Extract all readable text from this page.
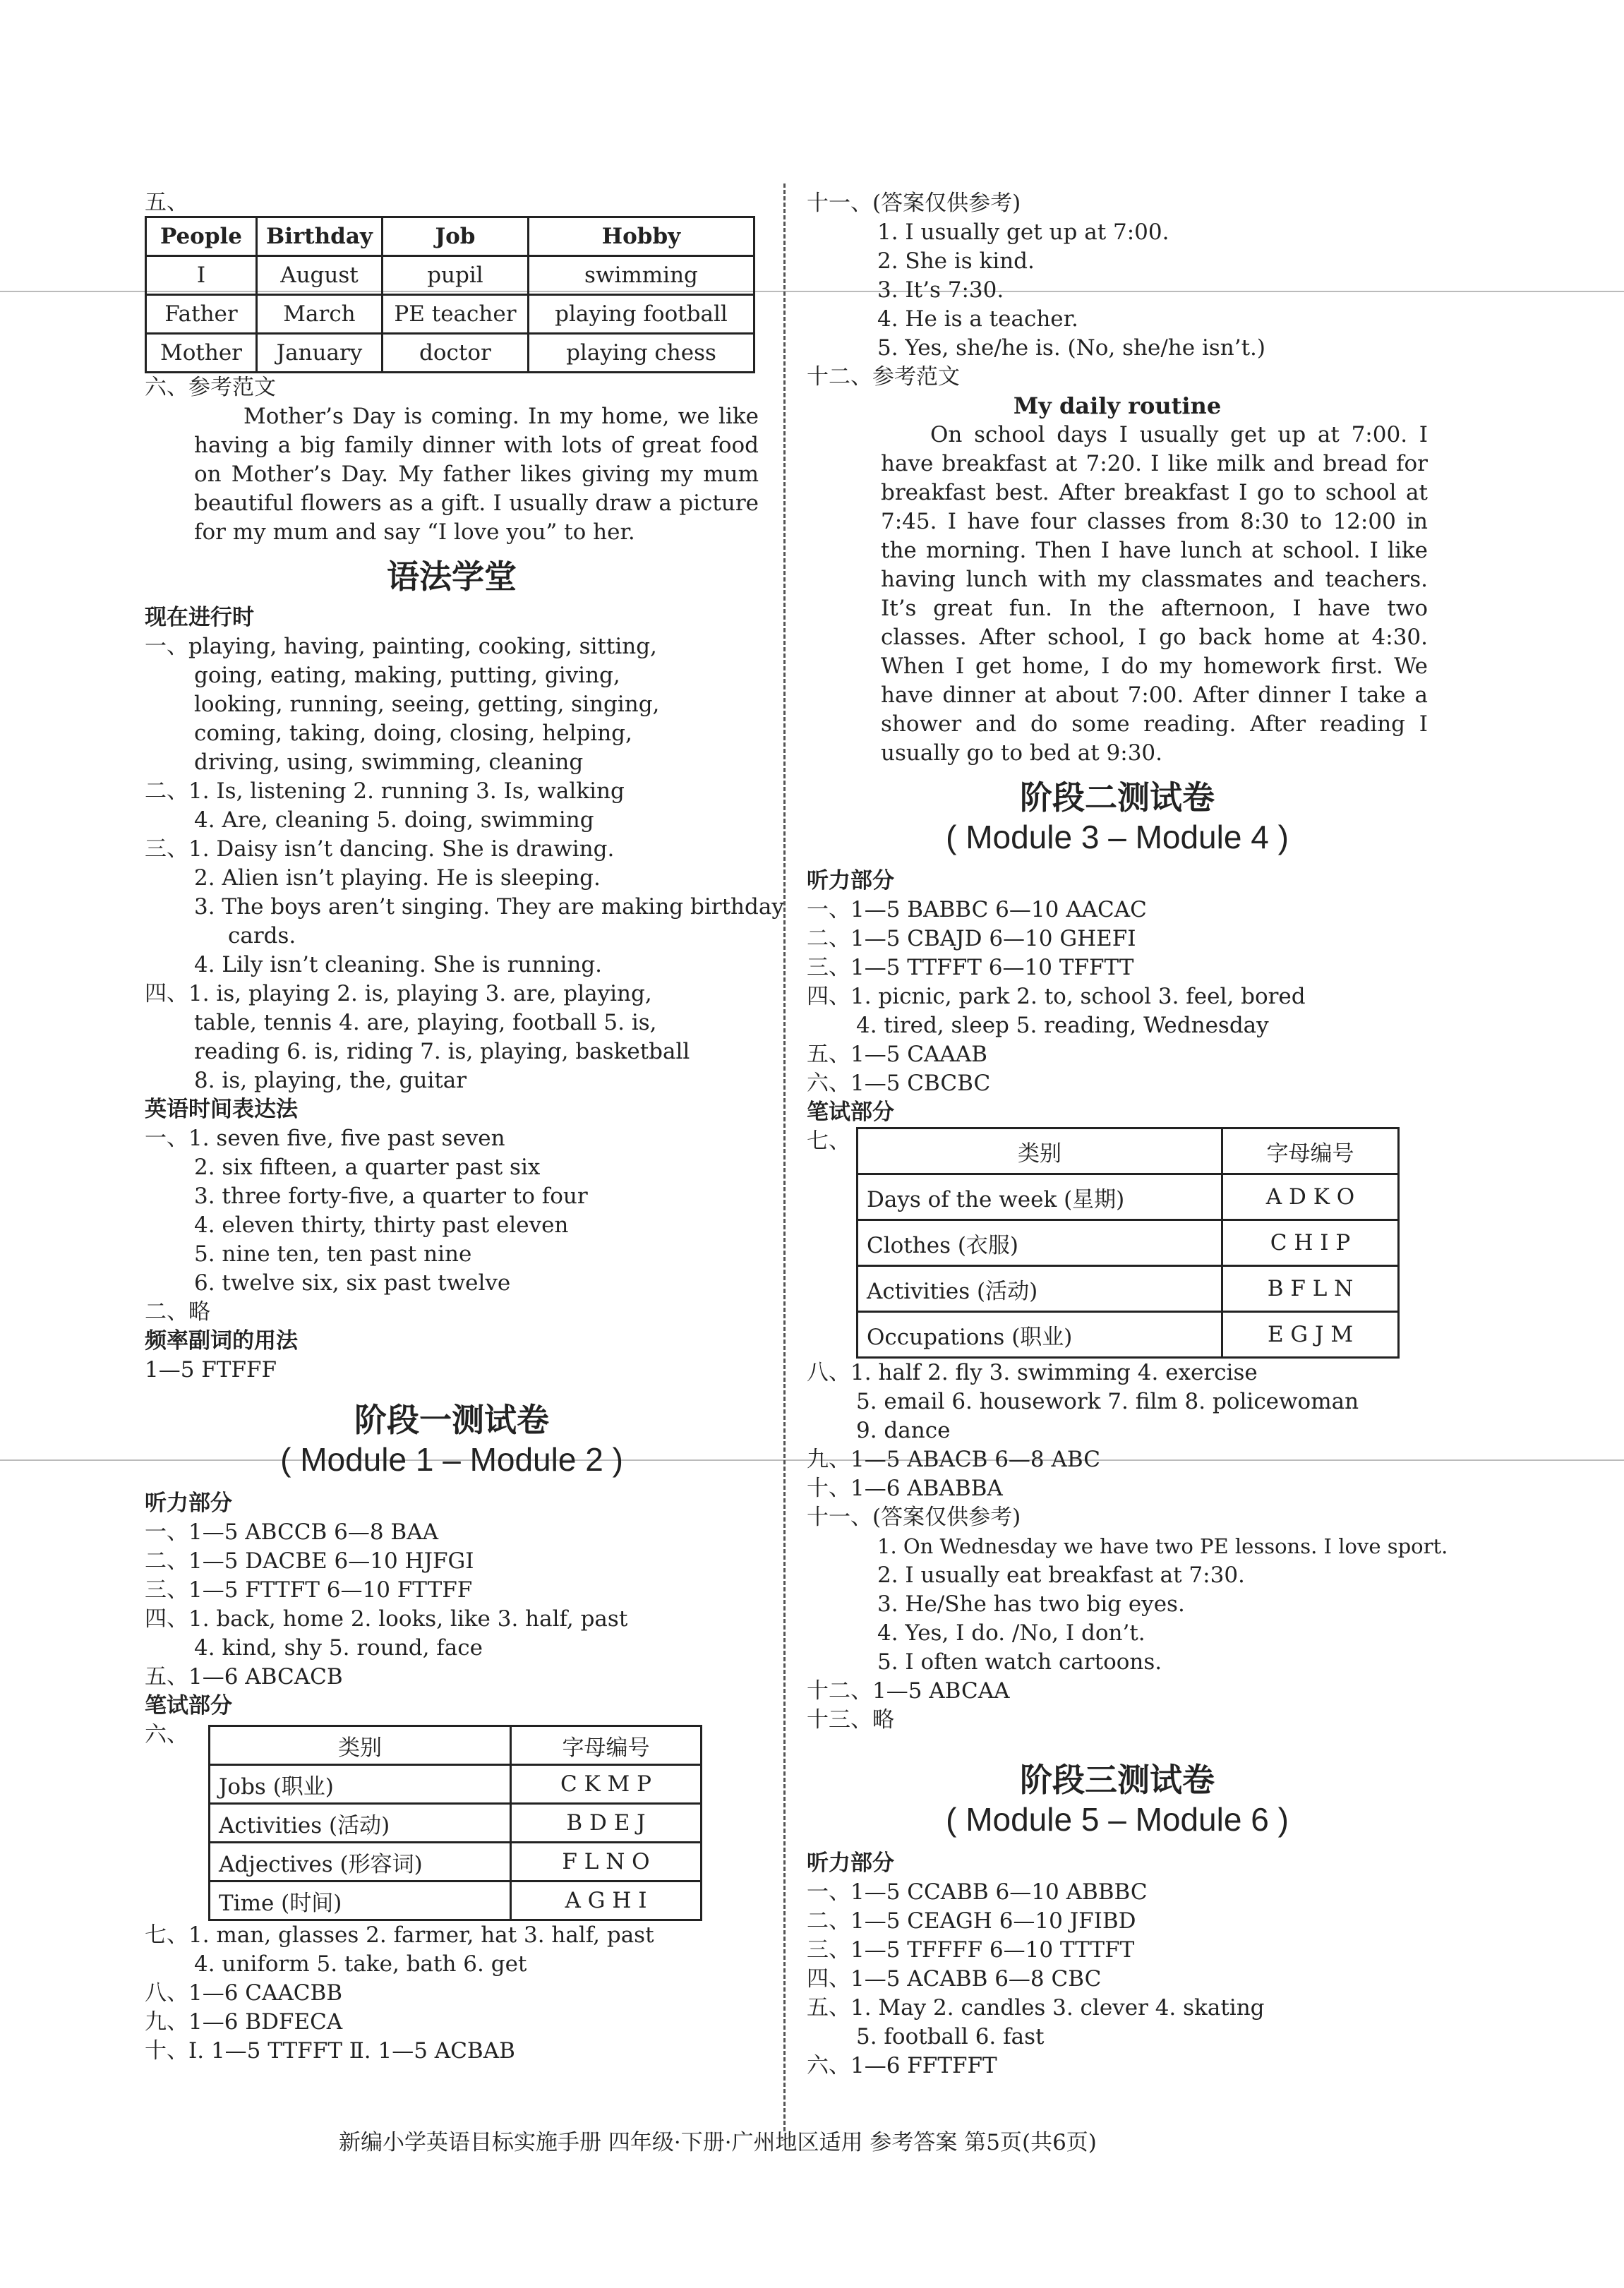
五、
People	Birthday	Job	Hobby
I	August	pupil	swimming
Father	March	PE teacher	playing football
Mother	January	doctor	playing chess
六、参考范文
Mother’s Day is coming. In my home, we like having a big family dinner with lots of great food on Mother’s Day. My father likes giving my mum beautiful flowers as a gift. I usually draw a picture for my mum and say “I love you” to her.
语法学堂
现在进行时
一、playing, having, painting, cooking, sitting,
going, eating, making, putting, giving,
looking, running, seeing, getting, singing,
coming, taking, doing, closing, helping,
driving, using, swimming, cleaning
二、1. Is, listening 2. running 3. Is, walking
4. Are, cleaning 5. doing, swimming
三、1. Daisy isn’t dancing. She is drawing.
2. Alien isn’t playing. He is sleeping.
3. The boys aren’t singing. They are making birthday
cards.
4. Lily isn’t cleaning. She is running.
四、1. is, playing 2. is, playing 3. are, playing,
table, tennis 4. are, playing, football 5. is,
reading 6. is, riding 7. is, playing, basketball
8. is, playing, the, guitar
英语时间表达法
一、1. seven five, five past seven
2. six fifteen, a quarter past six
3. three forty-five, a quarter to four
4. eleven thirty, thirty past eleven
5. nine ten, ten past nine
6. twelve six, six past twelve
二、略
频率副词的用法
1—5 FTFFF
阶段一测试卷
( Module 1 – Module 2 )
听力部分
一、1—5 ABCCB 6—8 BAA
二、1—5 DACBE 6—10 HJFGI
三、1—5 FTTFT 6—10 FTTFF
四、1. back, home 2. looks, like 3. half, past
4. kind, shy 5. round, face
五、1—6 ABCACB
笔试部分
六、
类别	字母编号
Jobs (职业)	C K M P
Activities (活动)	B D E J
Adjectives (形容词)	F L N O
Time (时间)	A G H I
七、1. man, glasses 2. farmer, hat 3. half, past
4. uniform 5. take, bath 6. get
八、1—6 CAACBB
九、1—6 BDFECA
十、Ⅰ. 1—5 TTFFT Ⅱ. 1—5 ACBAB
十一、(答案仅供参考)
1. I usually get up at 7:00.
2. She is kind.
3. It’s 7:30.
4. He is a teacher.
5. Yes, she/he is. (No, she/he isn’t.)
十二、参考范文
My daily routine
On school days I usually get up at 7:00. I have breakfast at 7:20. I like milk and bread for breakfast best. After breakfast I go to school at 7:45. I have four classes from 8:30 to 12:00 in the morning. Then I have lunch at school. I like having lunch with my classmates and teachers. It’s great fun. In the afternoon, I have two classes. After school, I go back home at 4:30. When I get home, I do my homework first. We have dinner at about 7:00. After dinner I take a shower and do some reading. After reading I usually go to bed at 9:30.
阶段二测试卷
( Module 3 – Module 4 )
听力部分
一、1—5 BABBC 6—10 AACAC
二、1—5 CBAJD 6—10 GHEFI
三、1—5 TTFFT 6—10 TFFTT
四、1. picnic, park 2. to, school 3. feel, bored
4. tired, sleep 5. reading, Wednesday
五、1—5 CAAAB
六、1—5 CBCBC
笔试部分
七、	类别	字母编号
Days of the week (星期)	A D K O
Clothes (衣服)	C H I P
Activities (活动)	B F L N
Occupations (职业)	E G J M
八、1. half 2. fly 3. swimming 4. exercise
5. email 6. housework 7. film 8. policewoman
9. dance
九、1—5 ABACB 6—8 ABC
十、1—6 ABABBA
十一、(答案仅供参考)
1. On Wednesday we have two PE lessons. I love sport.
2. I usually eat breakfast at 7:30.
3. He/She has two big eyes.
4. Yes, I do. /No, I don’t.
5. I often watch cartoons.
十二、1—5 ABCAA
十三、略
阶段三测试卷
( Module 5 – Module 6 )
听力部分
一、1—5 CCABB 6—10 ABBBC
二、1—5 CEAGH 6—10 JFIBD
三、1—5 TFFFF 6—10 TTTFT
四、1—5 ACABB 6—8 CBC
五、1. May 2. candles 3. clever 4. skating
5. football 6. fast
六、1—6 FFTFFT
新编小学英语目标实施手册 四年级·下册·广州地区适用 参考答案 第5页(共6页)
